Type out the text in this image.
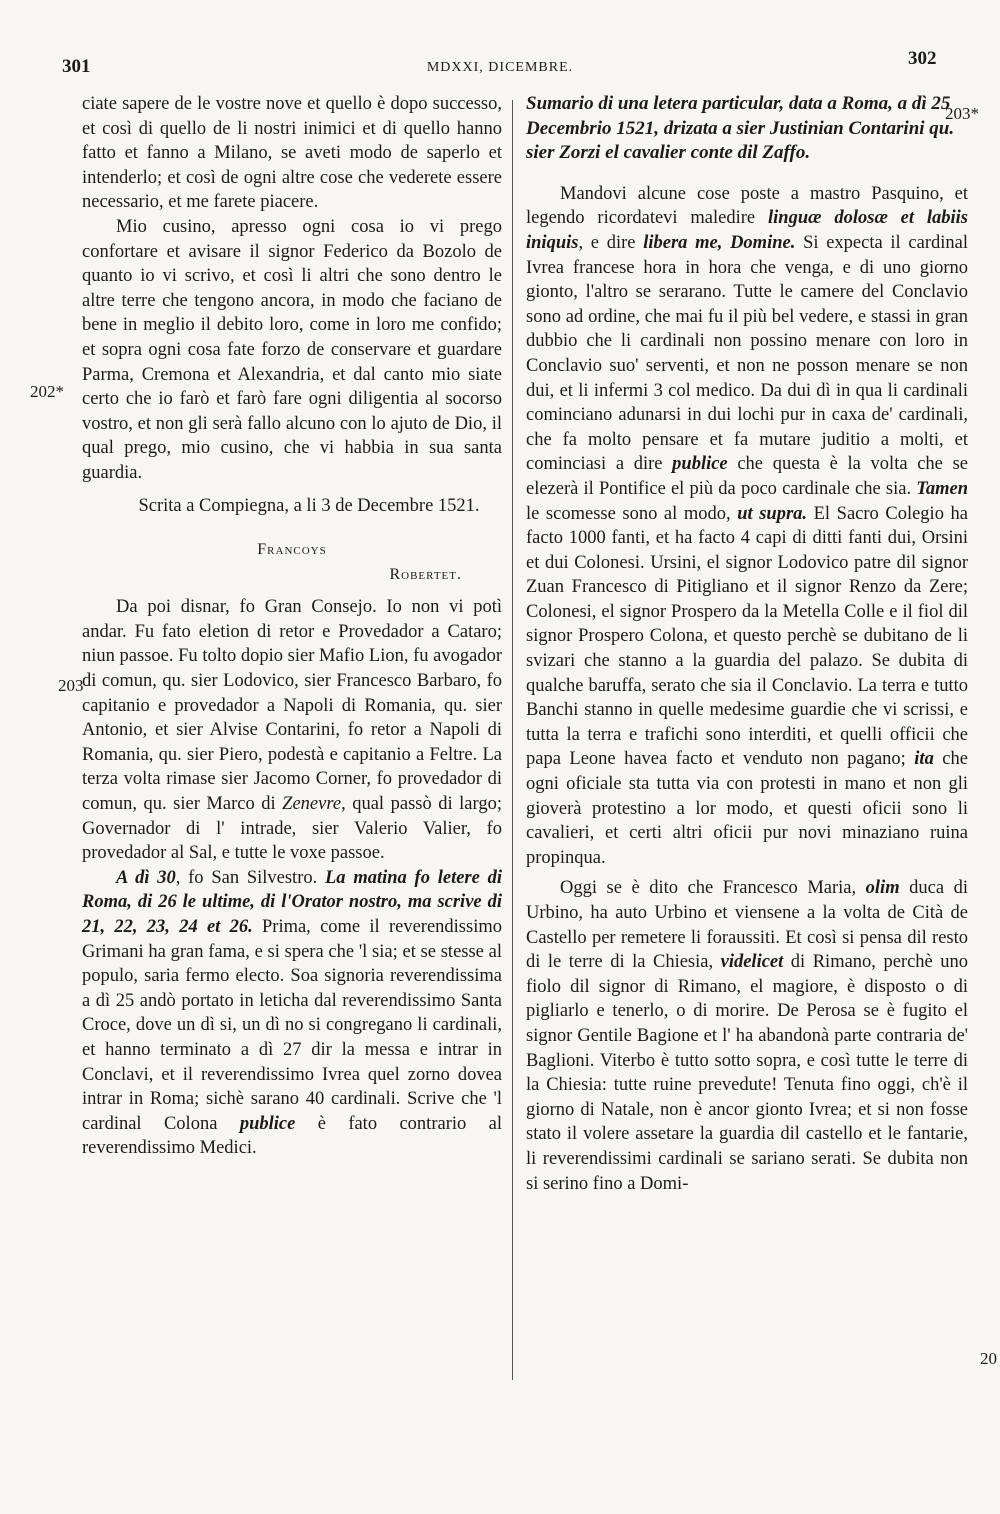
301	MDXXI, DICEMBRE.	302
202*
203
203*
20

ciate sapere de le vostre nove et quello è dopo successo, et così di quello de li nostri inimici et di quello hanno fatto et fanno a Milano, se aveti modo de saperlo et intenderlo; et così de ogni altre cose che vederete essere necessario, et me farete piacere.

Mio cusino, apresso ogni cosa io vi prego confortare et avisare il signor Federico da Bozolo de quanto io vi scrivo, et così li altri che sono dentro le altre terre che tengono ancora, in modo che faciano de bene in meglio il debito loro, come in loro me confido; et sopra ogni cosa fate forzo de conservare et guardare Parma, Cremona et Alexandria, et dal canto mio siate certo che io farò et farò fare ogni diligentia al socorso vostro, et non gli serà fallo alcuno con lo ajuto de Dio, il qual prego, mio cusino, che vi habbia in sua santa guardia.

Scrita a Compiegna, a li 3 de Decembre 1521.

Francoys
Robertet.

Da poi disnar, fo Gran Consejo. Io non vi potì andar. Fu fato eletion di retor e Provedador a Cataro; niun passoe. Fu tolto dopio sier Mafio Lion, fu avogador di comun, qu. sier Lodovico, sier Francesco Barbaro, fo capitanio e provedador a Napoli di Romania, qu. sier Antonio, et sier Alvise Contarini, fo retor a Napoli di Romania, qu. sier Piero, podestà e capitanio a Feltre. La terza volta rimase sier Jacomo Corner, fo provedador di comun, qu. sier Marco di Zenevre, qual passò di largo; Governador di l' intrade, sier Valerio Valier, fo provedador al Sal, e tutte le voxe passoe.

A dì 30, fo San Silvestro. La matina fo letere di Roma, di 26 le ultime, di l'Orator nostro, ma scrive di 21, 22, 23, 24 et 26. Prima, come il reverendissimo Grimani ha gran fama, e si spera che 'l sia; et se stesse al populo, saria fermo electo. Soa signoria reverendissima a dì 25 andò portato in leticha dal reverendissimo Santa Croce, dove un dì si, un dì no si congregano li cardinali, et hanno terminato a dì 27 dir la messa e intrar in Conclavi, et il reverendissimo Ivrea quel zorno dovea intrar in Roma; sichè sarano 40 cardinali. Scrive che 'l cardinal Colona publice è fato contrario al reverendissimo Medici.

Sumario di una letera particular, data a Roma, a dì 25 Decembrio 1521, drizata a sier Justinian Contarini qu. sier Zorzi el cavalier conte dil Zaffo.

Mandovi alcune cose poste a mastro Pasquino, et legendo ricordatevi maledire linguæ dolosæ et labiis iniquis, e dire libera me, Domine. Si expecta il cardinal Ivrea francese hora in hora che venga, e di uno giorno gionto, l'altro se serarano. Tutte le camere del Conclavio sono ad ordine, che mai fu il più bel vedere, e stassi in gran dubbio che li cardinali non possino menare con loro in Conclavio suo' serventi, et non ne posson menare se non dui, et li infermi 3 col medico. Da dui dì in qua li cardinali cominciano adunarsi in dui lochi pur in caxa de' cardinali, che fa molto pensare et fa mutare juditio a molti, et cominciasi a dire publice che questa è la volta che se elezerà il Pontifice el più da poco cardinale che sia. Tamen le scomesse sono al modo, ut supra. El Sacro Colegio ha facto 1000 fanti, et ha facto 4 capi di ditti fanti dui, Orsini et dui Colonesi. Ursini, el signor Lodovico patre dil signor Zuan Francesco di Pitigliano et il signor Renzo da Zere; Colonesi, el signor Prospero da la Metella Colle e il fiol dil signor Prospero Colona, et questo perchè se dubitano de li svizari che stanno a la guardia del palazo. Se dubita di qualche baruffa, serato che sia il Conclavio. La terra e tutto Banchi stanno in quelle medesime guardie che vi scrissi, e tutta la terra e trafichi sono interditi, et quelli officii che papa Leone havea facto et venduto non pagano; ita che ogni oficiale sta tutta via con protesti in mano et non gli gioverà protestino a lor modo, et questi oficii sono li cavalieri, et certi altri oficii pur novi minaziano ruina propinqua.

Oggi se è dito che Francesco Maria, olim duca di Urbino, ha auto Urbino et viensene a la volta de Cità de Castello per remetere li foraussiti. Et così si pensa dil resto di le terre di la Chiesia, videlicet di Rimano, perchè uno fiolo dil signor di Rimano, el magiore, è disposto o di pigliarlo e tenerlo, o di morire. De Perosa se è fugito el signor Gentile Bagione et l' ha abandonà parte contraria de' Baglioni. Viterbo è tutto sotto sopra, e così tutte le terre di la Chiesia: tutte ruine prevedute! Tenuta fino oggi, ch'è il giorno di Natale, non è ancor gionto Ivrea; et si non fosse stato il volere assetare la guardia dil castello et le fantarie, li reverendissimi cardinali se sariano serati. Se dubita non si serino fino a Domi-
